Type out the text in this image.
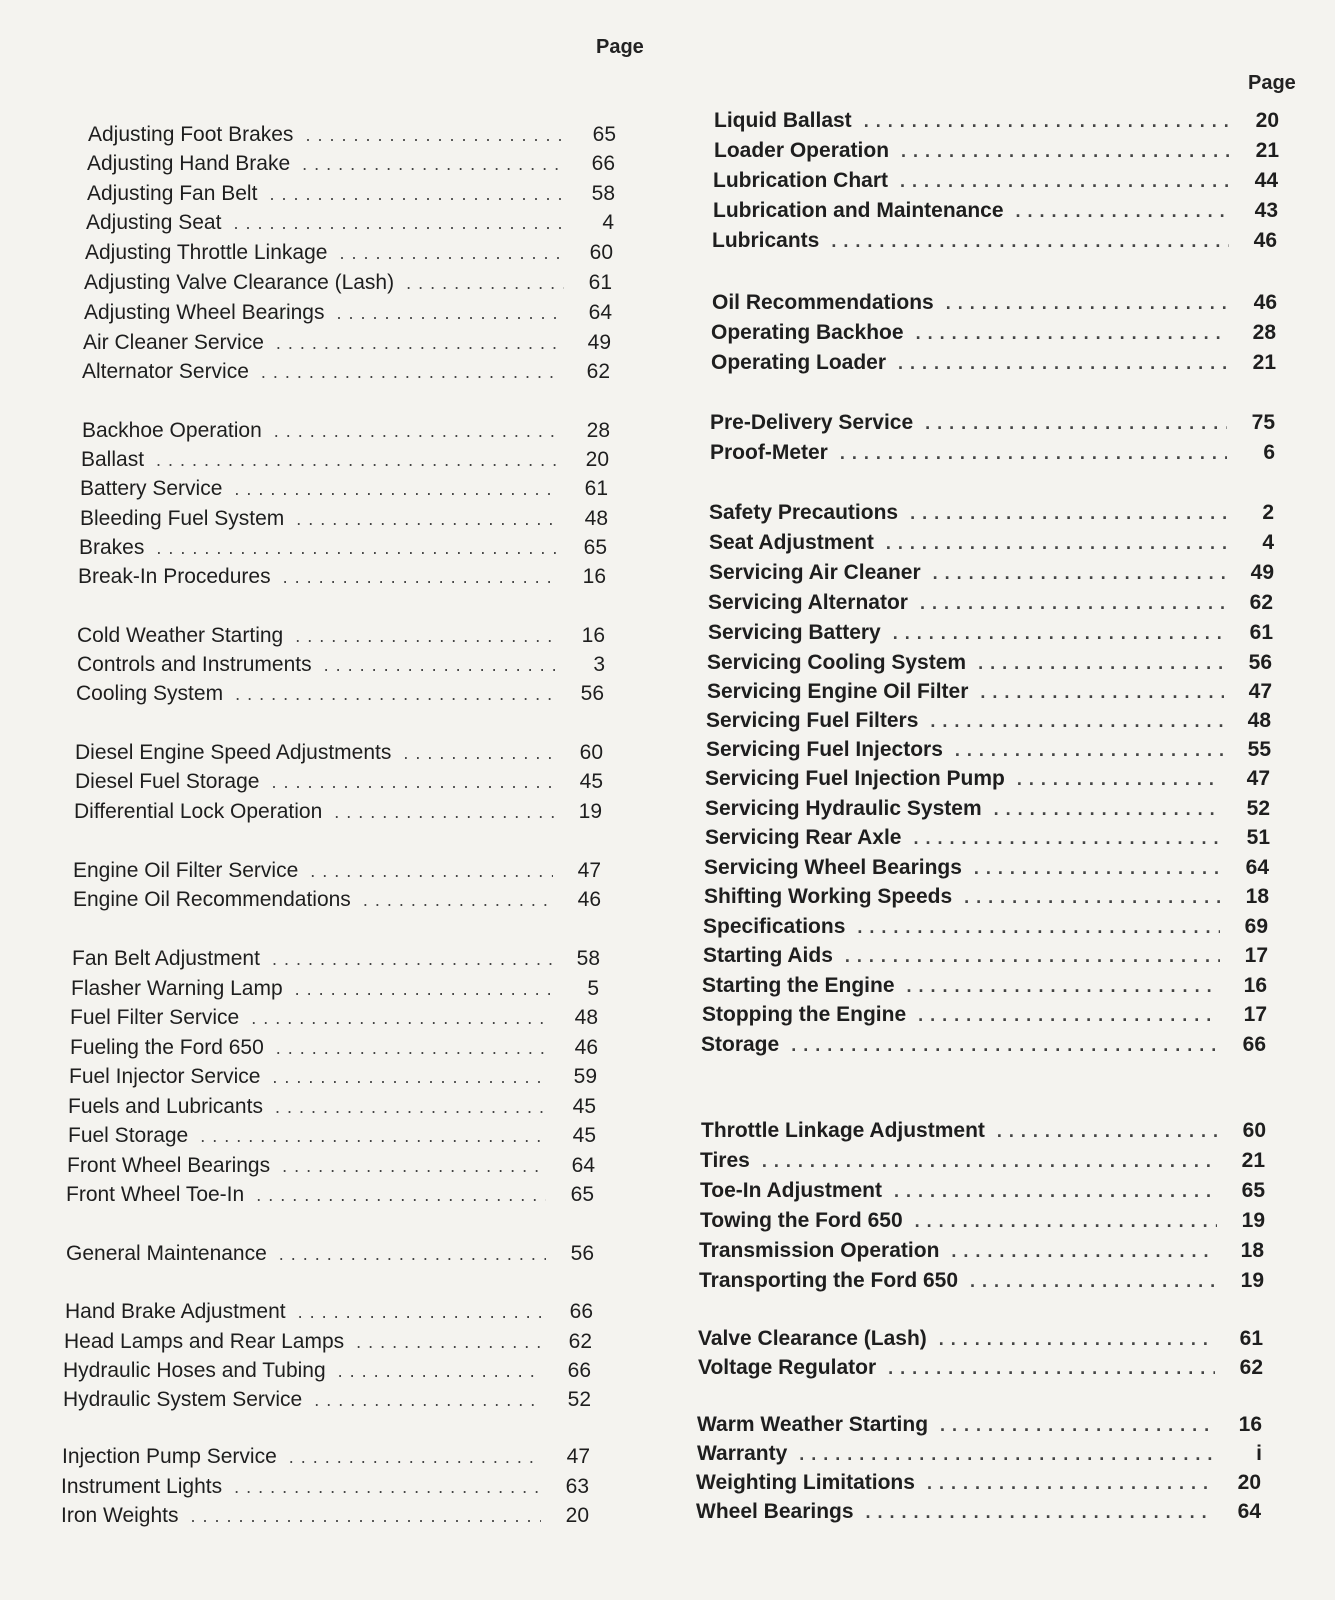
Page
Page
Adjusting Foot Brakes . . .	65
Adjusting Hand Brake . . .	66
Adjusting Fan Belt . . .	58
Adjusting Seat . . .	4
Adjusting Throttle Linkage . . .	60
Adjusting Valve Clearance (Lash) . . .	61
Adjusting Wheel Bearings . . .	64
Air Cleaner Service . . .	49
Alternator Service . . .	62
Backhoe Operation . . .	28
Ballast . . .	20
Battery Service . . .	61
Bleeding Fuel System . . .	48
Brakes . . .	65
Break-In Procedures . . .	16
Cold Weather Starting . . .	16
Controls and Instruments . . .	3
Cooling System . . .	56
Diesel Engine Speed Adjustments . . .	60
Diesel Fuel Storage . . .	45
Differential Lock Operation . . .	19
Engine Oil Filter Service . . .	47
Engine Oil Recommendations . . .	46
Fan Belt Adjustment . . .	58
Flasher Warning Lamp . . .	5
Fuel Filter Service . . .	48
Fueling the Ford 650 . . .	46
Fuel Injector Service . . .	59
Fuels and Lubricants . . .	45
Fuel Storage . . .	45
Front Wheel Bearings . . .	64
Front Wheel Toe-In . . .	65
General Maintenance . . .	56
Hand Brake Adjustment . . .	66
Head Lamps and Rear Lamps . . .	62
Hydraulic Hoses and Tubing . . .	66
Hydraulic System Service . . .	52
Injection Pump Service . . .	47
Instrument Lights . . .	63
Iron Weights . . .	20
Liquid Ballast . . .	20
Loader Operation . . .	21
Lubrication Chart . . .	44
Lubrication and Maintenance . . .	43
Lubricants . . .	46
Oil Recommendations . . .	46
Operating Backhoe . . .	28
Operating Loader . . .	21
Pre-Delivery Service . . .	75
Proof-Meter . . .	6
Safety Precautions . . .	2
Seat Adjustment . . .	4
Servicing Air Cleaner . . .	49
Servicing Alternator . . .	62
Servicing Battery . . .	61
Servicing Cooling System . . .	56
Servicing Engine Oil Filter . . .	47
Servicing Fuel Filters . . .	48
Servicing Fuel Injectors . . .	55
Servicing Fuel Injection Pump . . .	47
Servicing Hydraulic System . . .	52
Servicing Rear Axle . . .	51
Servicing Wheel Bearings . . .	64
Shifting Working Speeds . . .	18
Specifications . . .	69
Starting Aids . . .	17
Starting the Engine . . .	16
Stopping the Engine . . .	17
Storage . . .	66
Throttle Linkage Adjustment . . .	60
Tires . . .	21
Toe-In Adjustment . . .	65
Towing the Ford 650 . . .	19
Transmission Operation . . .	18
Transporting the Ford 650 . . .	19
Valve Clearance (Lash) . . .	61
Voltage Regulator . . .	62
Warm Weather Starting . . .	16
Warranty . . .	i
Weighting Limitations . . .	20
Wheel Bearings . . .	64
